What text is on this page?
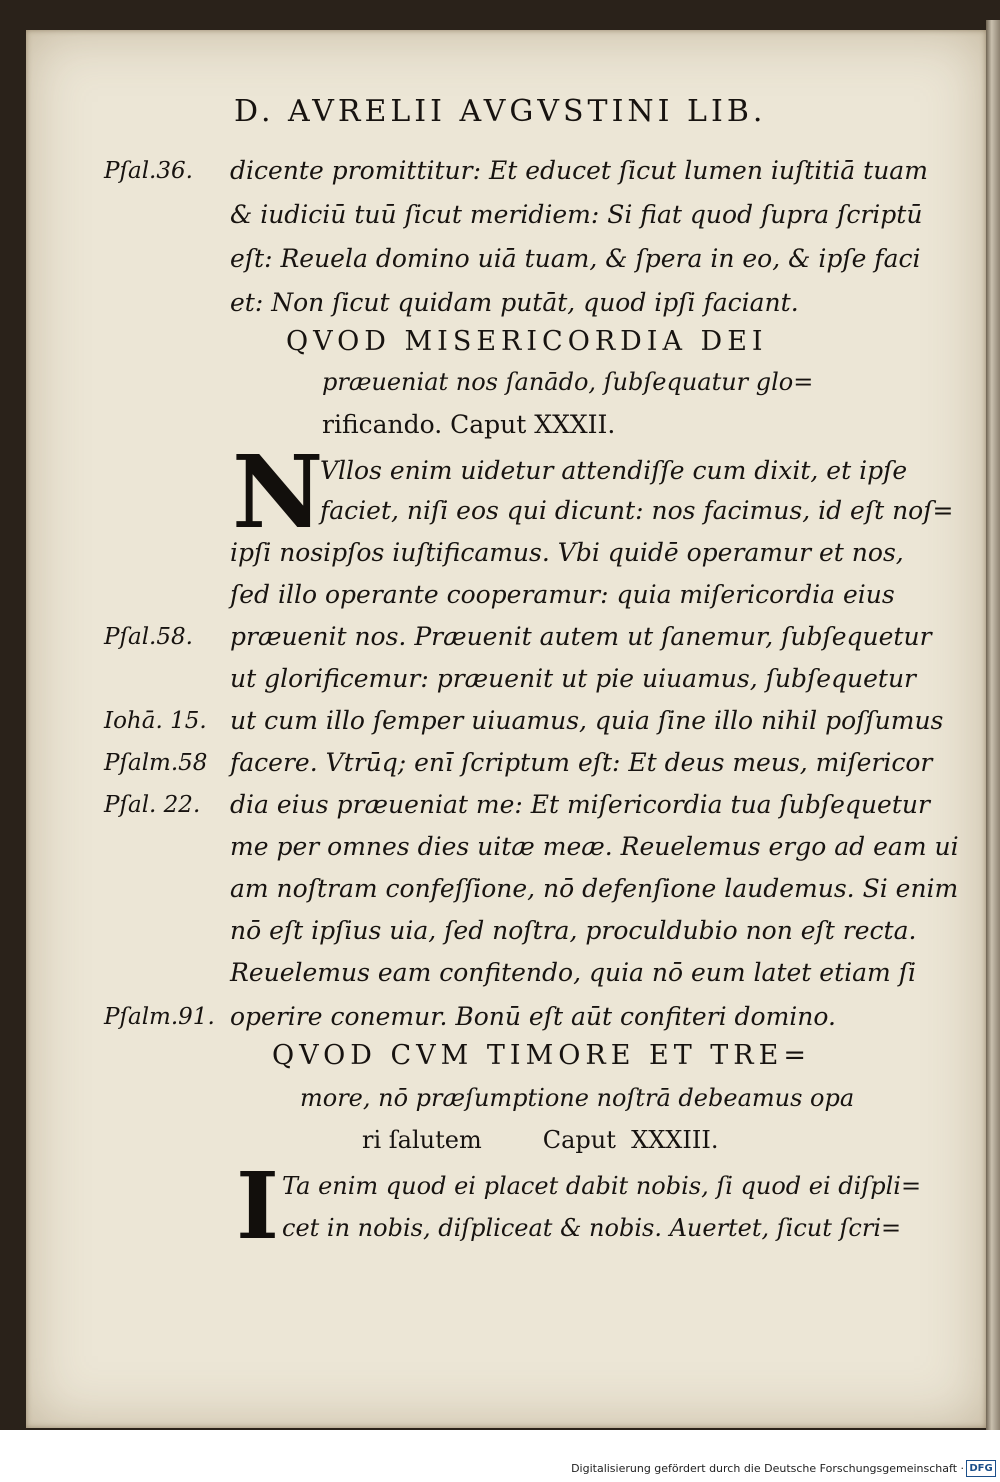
D. AVRELII AVGVSTINI LIB.
Pſal.36. dicente promittitur: Et educet ſicut lumen iuſtitiā tuam
& iudiciū tuū ſicut meridiem: Si fiat quod ſupra ſcriptū
eſt: Reuela domino uiā tuam, & ſpera in eo, & ipſe faci
et: Non ſicut quidam putāt, quod ipſi faciant.
QVOD MISERICORDIA DEI
præueniat nos ſanādo, ſubſequatur glo=
rificando. Caput XXXII.
N
Vllos enim uidetur attendiſſe cum dixit, et ipſe
faciet, niſi eos qui dicunt: nos facimus, id eſt noſ=
ipſi nosipſos iuſtificamus. Vbi quidē operamur et nos,
ſed illo operante cooperamur: quia miſericordia eius
Pſal.58. præuenit nos. Præuenit autem ut ſanemur, ſubſequetur
ut glorificemur: præuenit ut pie uiuamus, ſubſequetur
Iohā. 15. ut cum illo ſemper uiuamus, quia ſine illo nihil poſſumus
Pſalm.58 facere. Vtrūq; enī ſcriptum eſt: Et deus meus, miſericor
Pſal. 22. dia eius præueniat me: Et miſericordia tua ſubſequetur
me per omnes dies uitæ meæ. Reuelemus ergo ad eam ui
am noſtram confeſſione, nō defenſione laudemus. Si enim
nō eſt ipſius uia, ſed noſtra, proculdubio non eſt recta.
Reuelemus eam confitendo, quia nō eum latet etiam ſi
Pſalm.91. operire conemur. Bonū eſt aūt confiteri domino.
QVOD CVM TIMORE ET TRE=
more, nō præſumptione noſtrā debeamus opa
ri ſalutem        Caput  XXXIII.
I Ta enim quod ei placet dabit nobis, ſi quod ei diſpli=
cet in nobis, diſpliceat & nobis. Auertet, ſicut ſcri=
Digitalisierung gefördert durch die Deutsche Forschungsgemeinschaft · DFG
